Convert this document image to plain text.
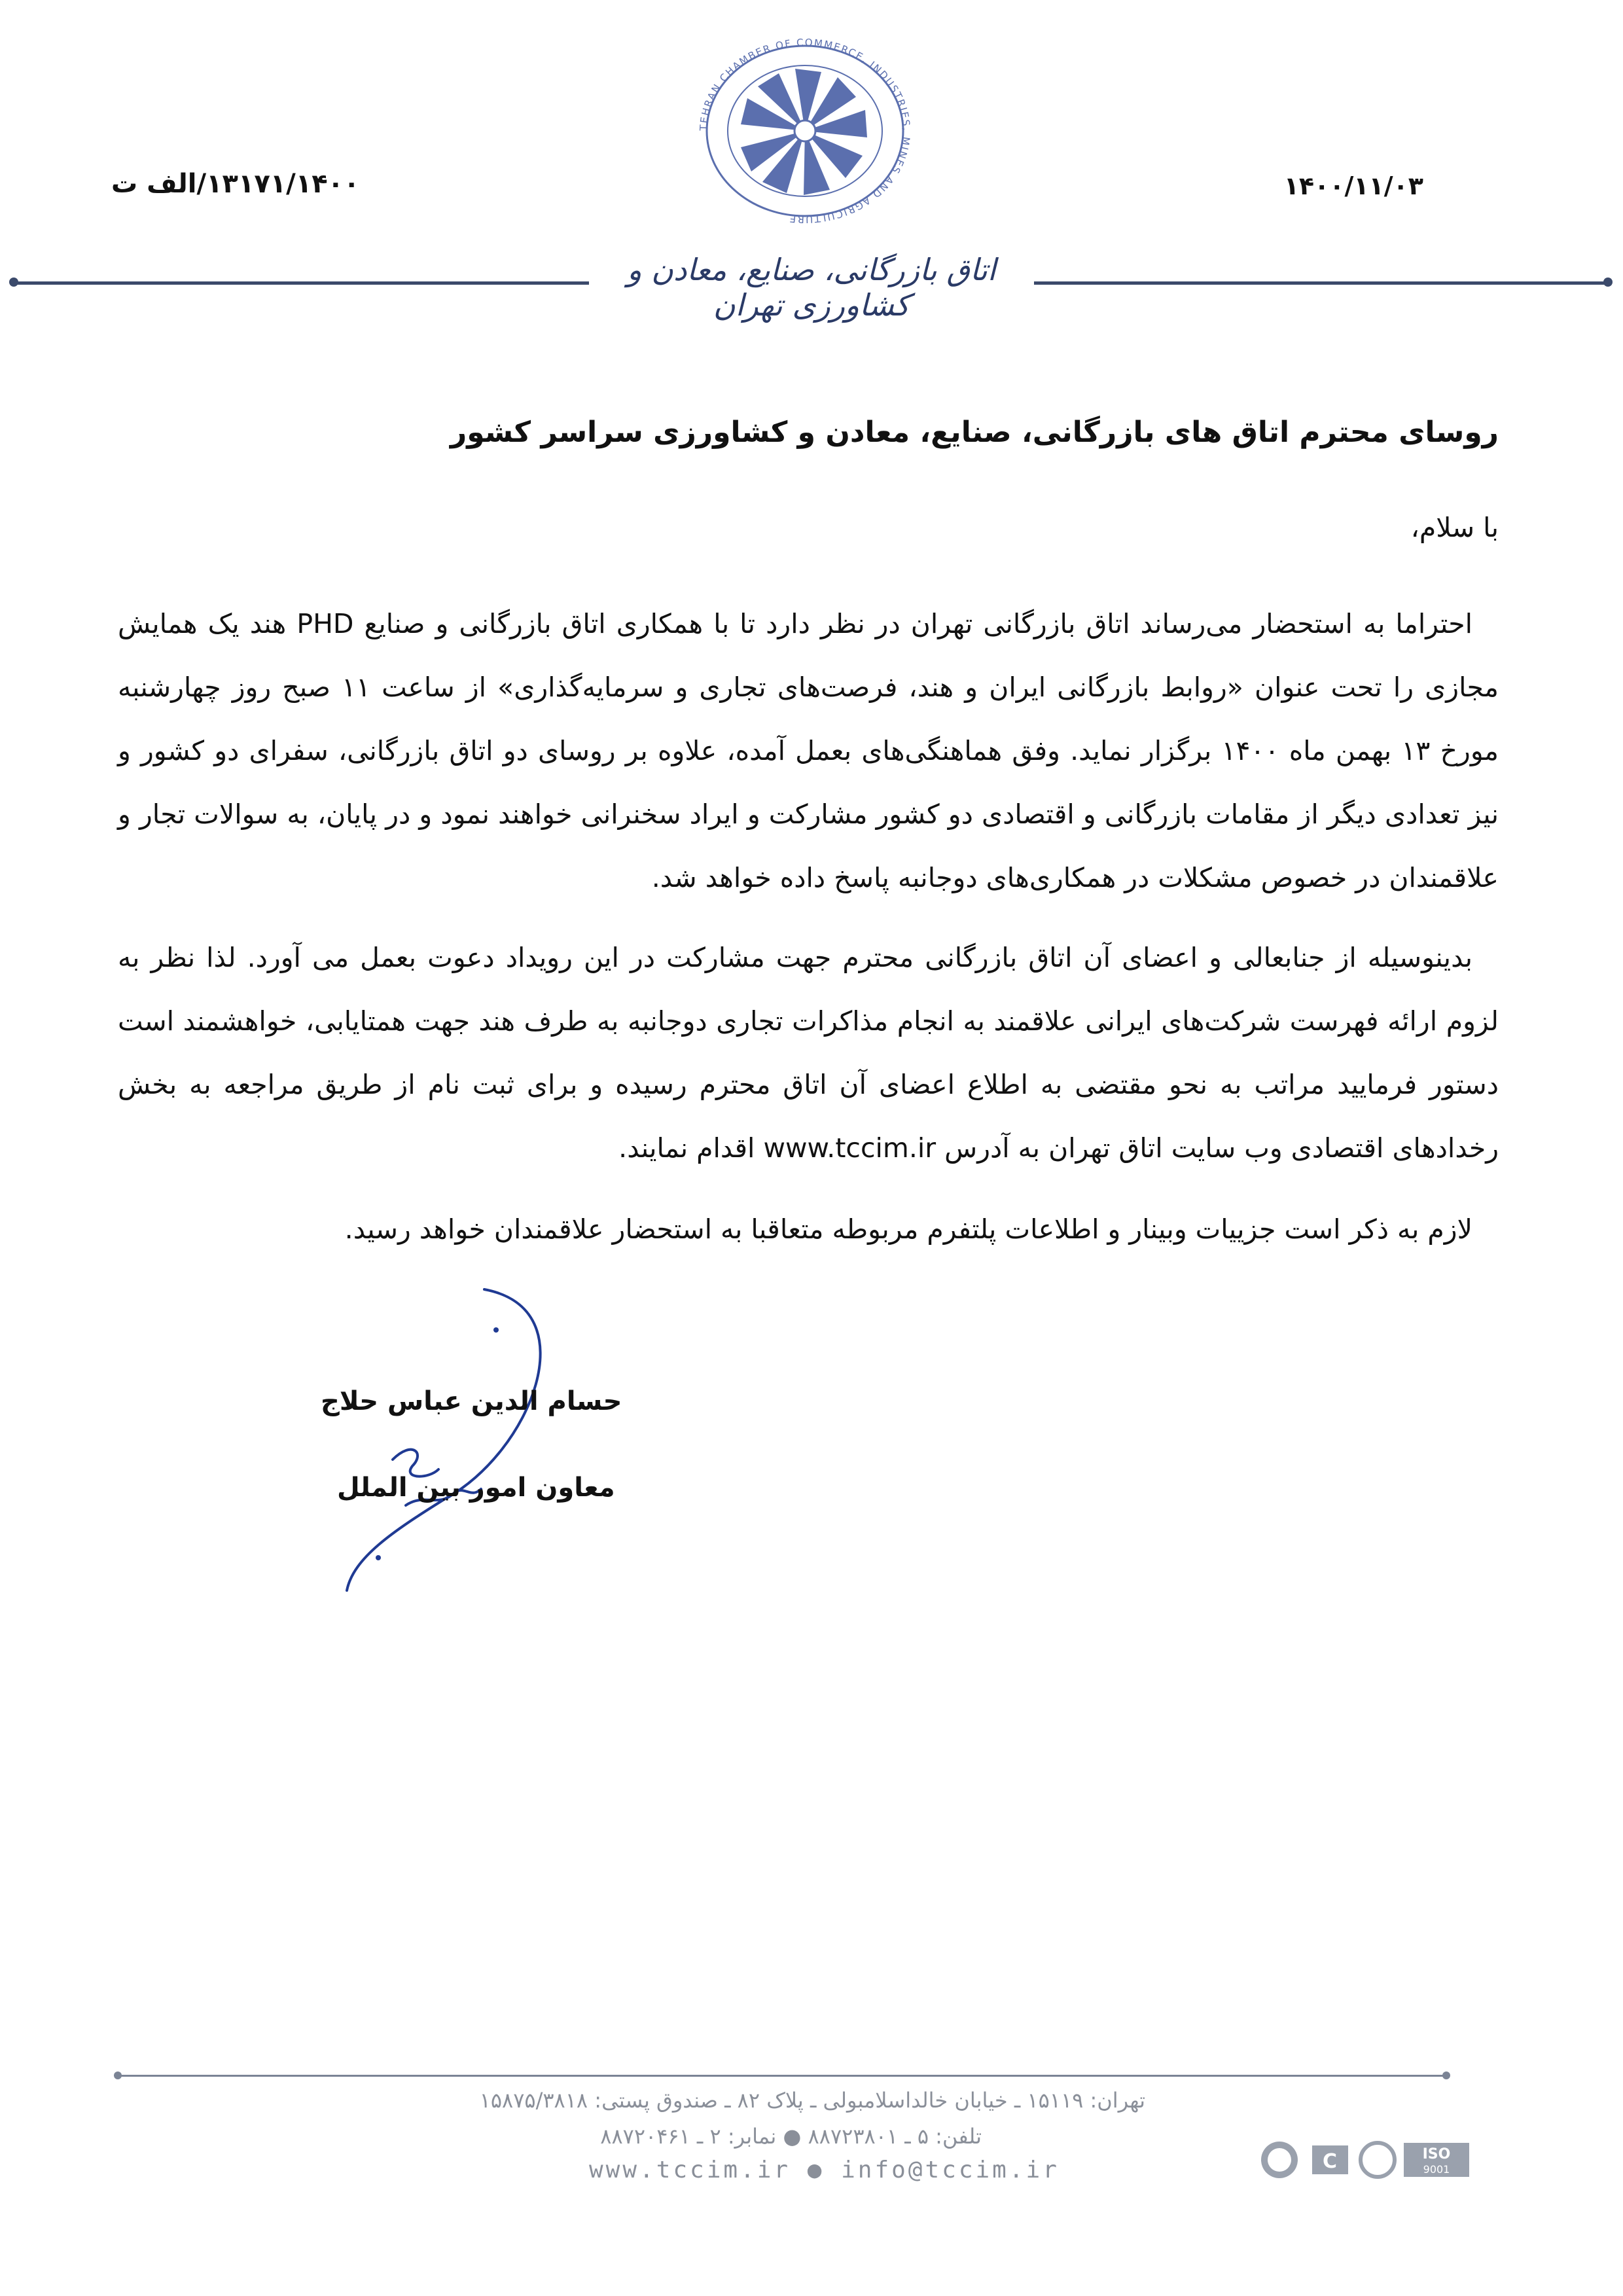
TEHRAN CHAMBER OF COMMERCE, INDUSTRIES, MINES AND AGRICULTURE
۱۴۰۰/۱۱/۰۳
۱۳۱۷۱/۱۴۰۰/الف ت
اتاق بازرگانی، صنایع، معادن و کشاورزی تهران
روسای محترم اتاق های بازرگانی، صنایع، معادن و کشاورزی سراسر کشور
با سلام،
احتراما به استحضار می‌رساند اتاق بازرگانی تهران در نظر دارد تا با همکاری اتاق بازرگانی و صنایع PHD هند یک همایش مجازی را تحت عنوان «روابط بازرگانی ایران و هند، فرصت‌های تجاری و سرمایه‌گذاری» از ساعت ۱۱ صبح روز چهارشنبه مورخ ۱۳ بهمن ماه ۱۴۰۰ برگزار نماید. وفق هماهنگی‌های بعمل آمده، علاوه بر روسای دو اتاق بازرگانی، سفرای دو کشور و نیز تعدادی دیگر از مقامات بازرگانی و اقتصادی دو کشور مشارکت و ایراد سخنرانی خواهند نمود و در پایان، به سوالات تجار و علاقمندان در خصوص مشکلات در همکاری‌های دوجانبه پاسخ داده خواهد شد.
بدینوسیله از جنابعالی و اعضای آن اتاق بازرگانی محترم جهت مشارکت در این رویداد دعوت بعمل می آورد. لذا نظر به لزوم ارائه فهرست شرکت‌های ایرانی علاقمند به انجام مذاکرات تجاری دوجانبه به طرف هند جهت همتایابی، خواهشمند است دستور فرمایید مراتب به نحو مقتضی به اطلاع اعضای آن اتاق محترم رسیده و برای ثبت نام از طریق مراجعه به بخش رخدادهای اقتصادی وب سایت اتاق تهران به آدرس www.tccim.ir اقدام نمایند.
لازم به ذکر است جزییات وبینار و اطلاعات پلتفرم مربوطه متعاقبا به استحضار علاقمندان خواهد رسید.
حسام الدین عباس حلاج
معاون امور بین الملل
تهران: ۱۵۱۱۹ ـ خیابان خالداسلامبولی ـ پلاک ۸۲ ـ صندوق پستی: ۱۵۸۷۵/۳۸۱۸
تلفن: ۵ ـ ۸۸۷۲۳۸۰۱ ● نمابر: ۲ ـ ۸۸۷۲۰۴۶۱
www.tccim.ir ● info@tccim.ir	C	ISO
9001
